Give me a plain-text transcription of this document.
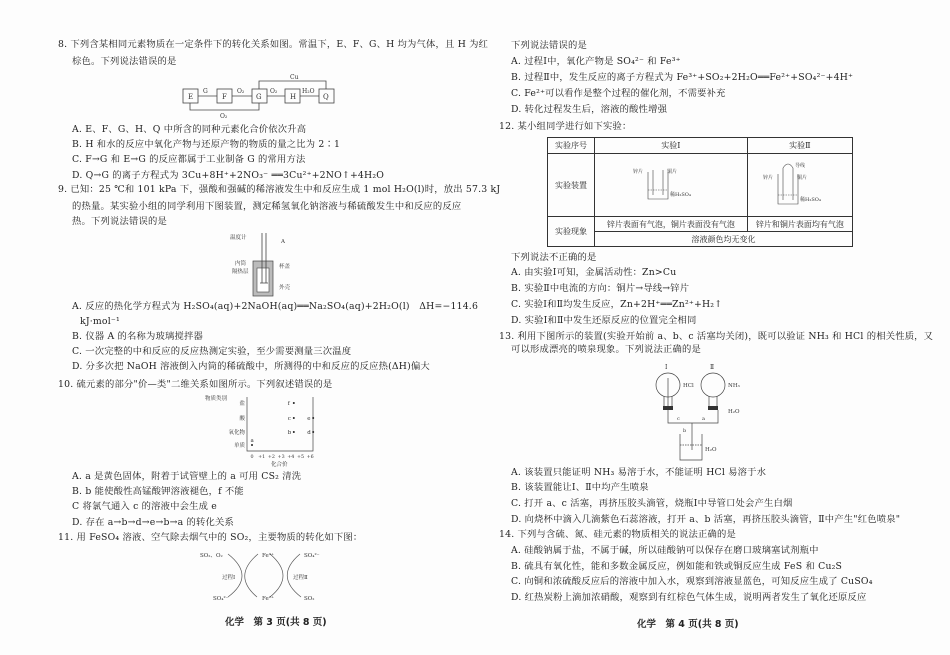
8. 下列含某相同元素物质在一定条件下的转化关系如图。常温下，E、F、G、H 均为气体，且 H 为红
棕色。下列说法错误的是
E	F	G	H	Q
G	O₂	O₂	H₂O
Cu
O₂
A. E、F、G、H、Q 中所含的同种元素化合价依次升高
B. H 和水的反应中氧化产物与还原产物的物质的量之比为 2∶1
C. F→G 和 E→G 的反应都属于工业制备 G 的常用方法
D. Q→G 的离子方程式为 3Cu+8H⁺+2NO₃⁻ ══3Cu²⁺+2NO↑+4H₂O
9. 已知：25 ℃和 101 kPa 下，强酸和强碱的稀溶液发生中和反应生成 1 mol H₂O(l)时，放出 57.3 kJ
的热量。某实验小组的同学利用下图装置，测定稀氢氧化钠溶液与稀硫酸发生中和反应的反应
热。下列说法错误的是
温度计
A
内筒
隔热层
杯盖
外壳
A. 反应的热化学方程式为 H₂SO₄(aq)+2NaOH(aq)══Na₂SO₄(aq)+2H₂O(l)　ΔH=−114.6
kJ·mol⁻¹
B. 仪器 A 的名称为玻璃搅拌器
C. 一次完整的中和反应的反应热测定实验，至少需要测量三次温度
D. 分多次把 NaOH 溶液倒入内筒的稀硫酸中，所测得的中和反应的反应热(ΔH)偏大
10. 硫元素的部分"价—类"二维关系如图所示。下列叙述错误的是
物质类别
化合价
盐
酸
氧化物
单质
0 +1 +2 +3 +4 +5 +6
a
b
c
d
e
f
A. a 是黄色固体，附着于试管壁上的 a 可用 CS₂ 清洗
B. b 能使酸性高锰酸钾溶液褪色，f 不能
C 将氯气通入 c 的溶液中会生成 e
D. 存在 a→b→d→e→b→a 的转化关系
11. 用 FeSO₄ 溶液、空气除去烟气中的 SO₂，主要物质的转化如下图：
SO₂、O₂	Fe³⁺	SO₄²⁻
过程Ⅰ	过程Ⅱ
SO₄²⁻	Fe²⁺	SO₂
化学　第 3 页(共 8 页)
下列说法错误的是
A. 过程Ⅰ中，氧化产物是 SO₄²⁻ 和 Fe³⁺
B. 过程Ⅱ中，发生反应的离子方程式为 Fe³⁺+SO₂+2H₂O══Fe²⁺+SO₄²⁻+4H⁺
C. Fe²⁺可以看作是整个过程的催化剂，不需要补充
D. 转化过程发生后，溶液的酸性增强
12. 某小组同学进行如下实验：
实验序号	实验Ⅰ	实验Ⅱ
实验装置		
实验现象	锌片表面有气泡，铜片表面没有气泡	锌片和铜片表面均有气泡
	溶液颜色均无变化	
锌片	铜片
稀H₂SO₄
锌片	铜片
导线
稀H₂SO₄
下列说法不正确的是
A. 由实验Ⅰ可知，金属活动性：Zn>Cu
B. 实验Ⅱ中电流的方向：铜片→导线→锌片
C. 实验Ⅰ和Ⅱ均发生反应，Zn+2H⁺══Zn²⁺+H₂↑
D. 实验Ⅰ和Ⅱ中发生还原反应的位置完全相同
13. 利用下图所示的装置(实验开始前 a、b、c 活塞均关闭)，既可以验证 NH₃ 和 HCl 的相关性质，又
可以形成漂亮的喷泉现象。下列说法正确的是
Ⅰ	Ⅱ
HCl	NH₃
H₂O
H₂O
c	a
b
A. 该装置只能证明 NH₃ 易溶于水，不能证明 HCl 易溶于水
B. 该装置能让Ⅰ、Ⅱ中均产生喷泉
C. 打开 a、c 活塞，再挤压胶头滴管，烧瓶Ⅰ中导管口处会产生白烟
D. 向烧杯中滴入几滴紫色石蕊溶液，打开 a、b 活塞，再挤压胶头滴管，Ⅱ中产生"红色喷泉"
14. 下列与含硫、氮、硅元素的物质相关的说法正确的是
A. 硅酸钠属于盐，不属于碱，所以硅酸钠可以保存在磨口玻璃塞试剂瓶中
B. 硫具有氧化性，能和多数金属反应，例如能和铁或铜反应生成 FeS 和 Cu₂S
C. 向铜和浓硫酸反应后的溶液中加入水，观察到溶液显蓝色，可知反应生成了 CuSO₄
D. 红热炭粉上滴加浓硝酸，观察到有红棕色气体生成，说明两者发生了氧化还原反应
化学　第 4 页(共 8 页)
